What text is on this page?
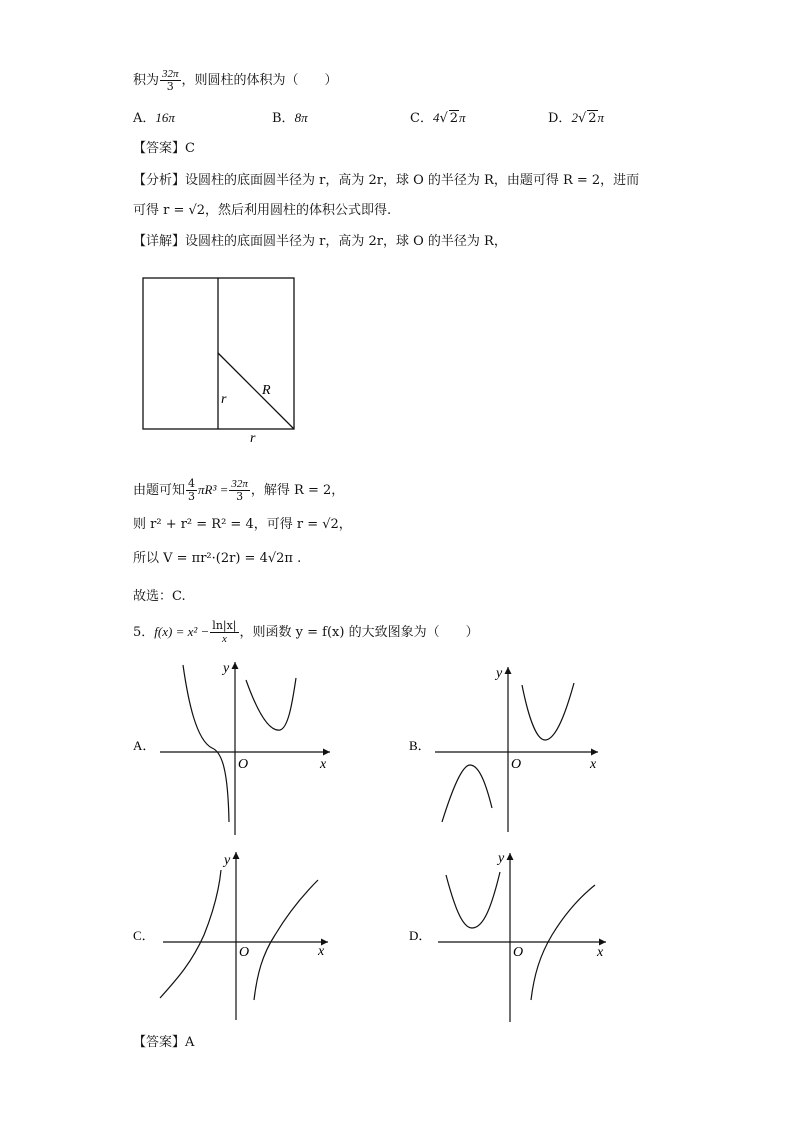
积为 $\frac{32\pi}{3}$ ，则圆柱的体积为（　　）
A．16π	B．8π	C．4√ 2π	D．2√ 2π
【答案】C
【分析】设圆柱的底面圆半径为 r，高为 2r，球 O 的半径为 R，由题可得 R = 2，进而
可得 r = √2，然后利用圆柱的体积公式即得.
【详解】设圆柱的底面圆半径为 r，高为 2r，球 O 的半径为 R，
r
R
r
由题可知 $\frac{4}{3} \pi R^3 = \frac{32\pi}{3}$ ，解得 R = 2，
则 r² + r² = R² = 4，可得 r = √2，
所以 V = πr²·(2r) = 4√2π .
故选：C.
5．$f(x) = x^2 - \frac{\ln|x|}{x}$ ，则函数 y = f(x) 的大致图象为（　　）
A．
O	x
y
B．
O	x
y
C．
O	x
y
D．
O	x
y
【答案】A
